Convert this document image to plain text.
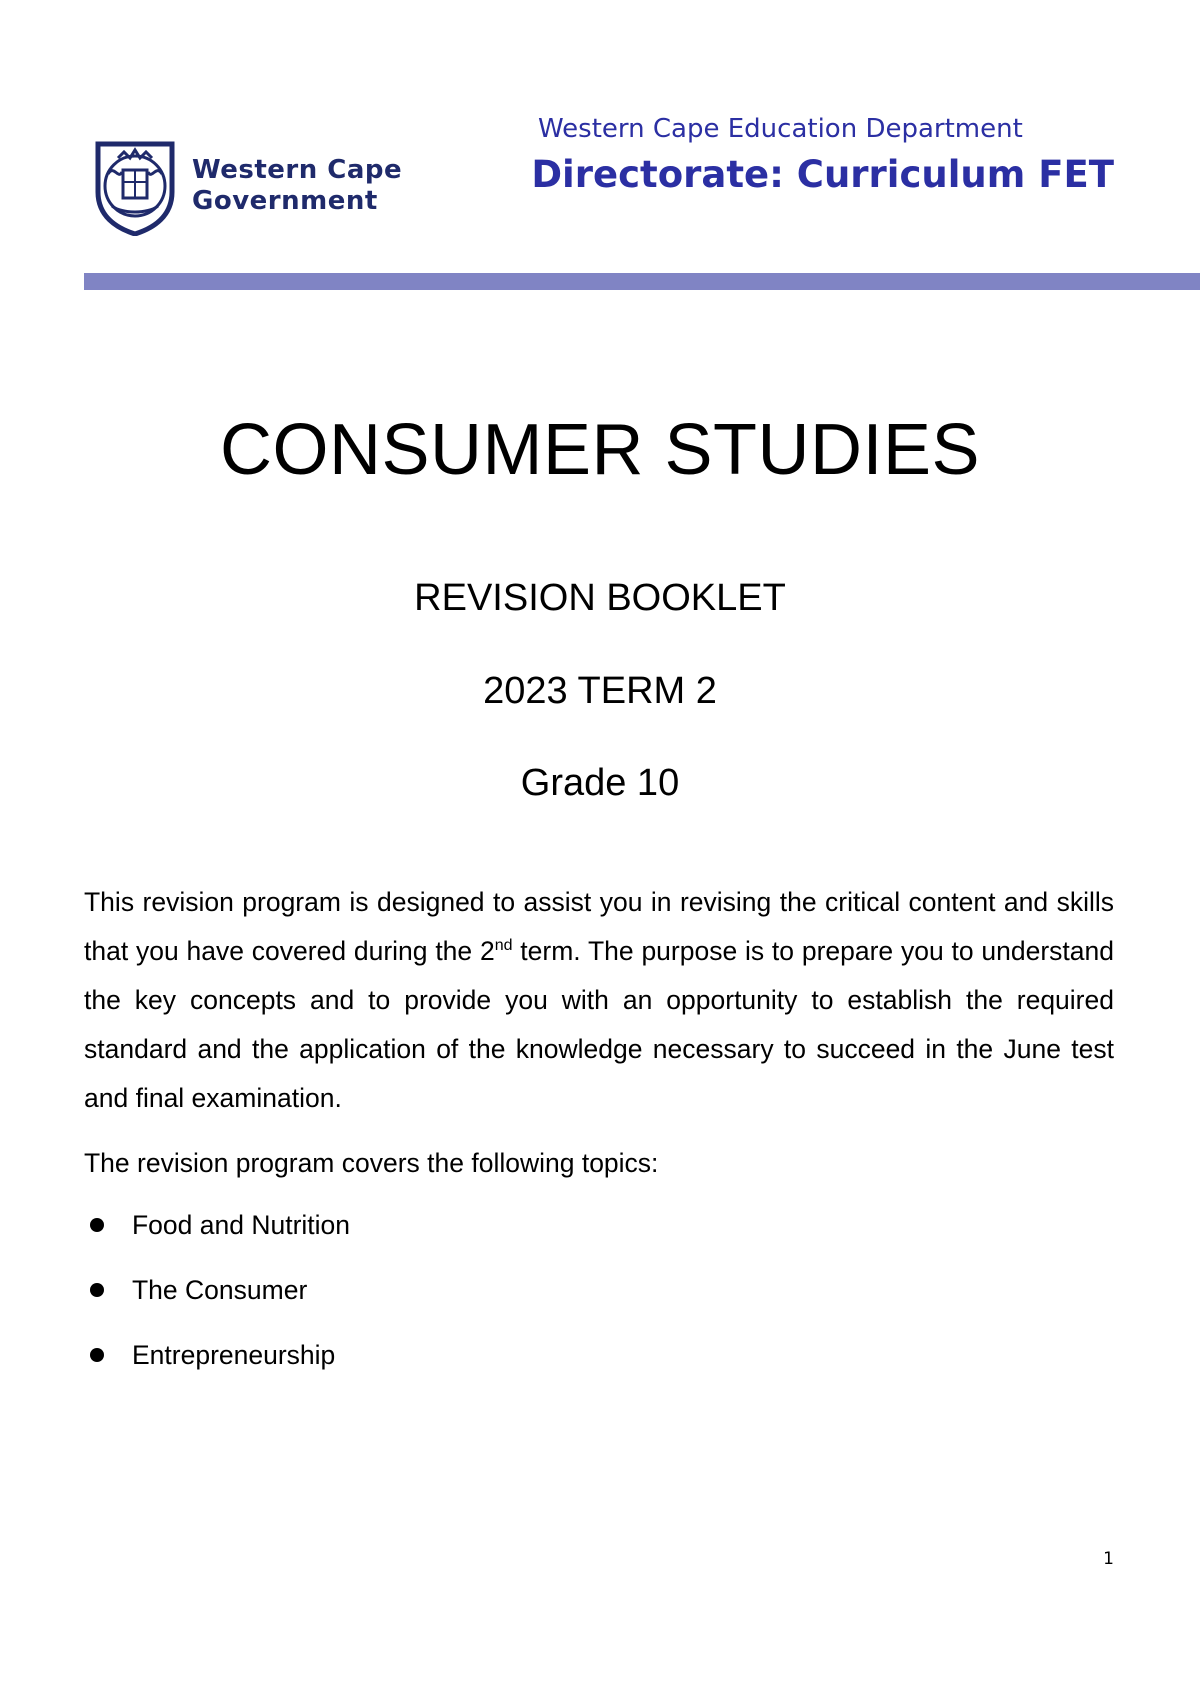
Western Cape
Government
Western Cape Education Department
Directorate: Curriculum FET
CONSUMER STUDIES
REVISION BOOKLET
2023 TERM 2
Grade 10

This revision program is designed to assist you in revising the critical content and skills that you have covered during the 2nd term. The purpose is to prepare you to understand the key concepts and to provide you with an opportunity to establish the required standard and the application of the knowledge necessary to succeed in the June test and final examination.

The revision program covers the following topics:

Food and Nutrition
The Consumer
Entrepreneurship
1
